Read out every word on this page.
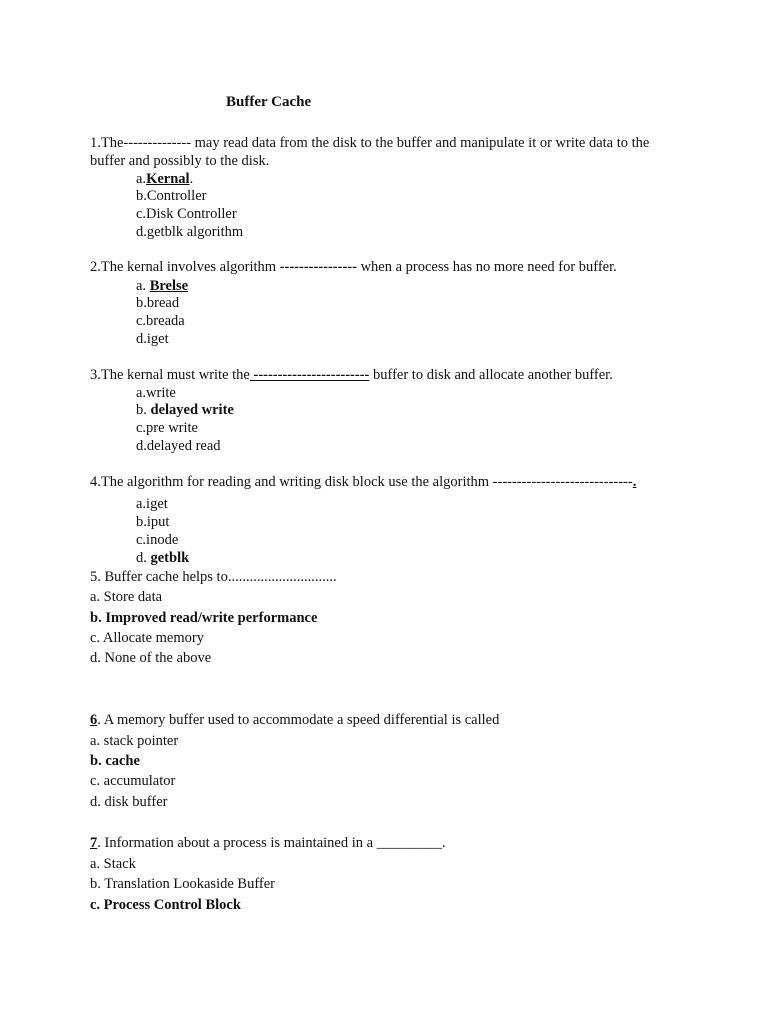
Buffer Cache
1.The-------------- may read data from the disk to the buffer and manipulate it or write data to the
buffer and possibly to the disk.
a.Kernal.
b.Controller
c.Disk Controller
d.getblk algorithm
2.The kernal involves algorithm ---------------- when a process has no more need for buffer.
a. Brelse
b.bread
c.breada
d.iget
3.The kernal must write the ------------------------ buffer to disk and allocate another buffer.
a.write
b. delayed write
c.pre write
d.delayed read
4.The algorithm for reading and writing disk block use the algorithm -----------------------------.
a.iget
b.iput
c.inode
d. getblk
5. Buffer cache helps to..............................
a. Store data
b. Improved read/write performance
c. Allocate memory
d. None of the above
6. A memory buffer used to accommodate a speed differential is called
a. stack pointer
b. cache
c. accumulator
d. disk buffer
7. Information about a process is maintained in a _________.
a. Stack
b. Translation Lookaside Buffer
c. Process Control Block
